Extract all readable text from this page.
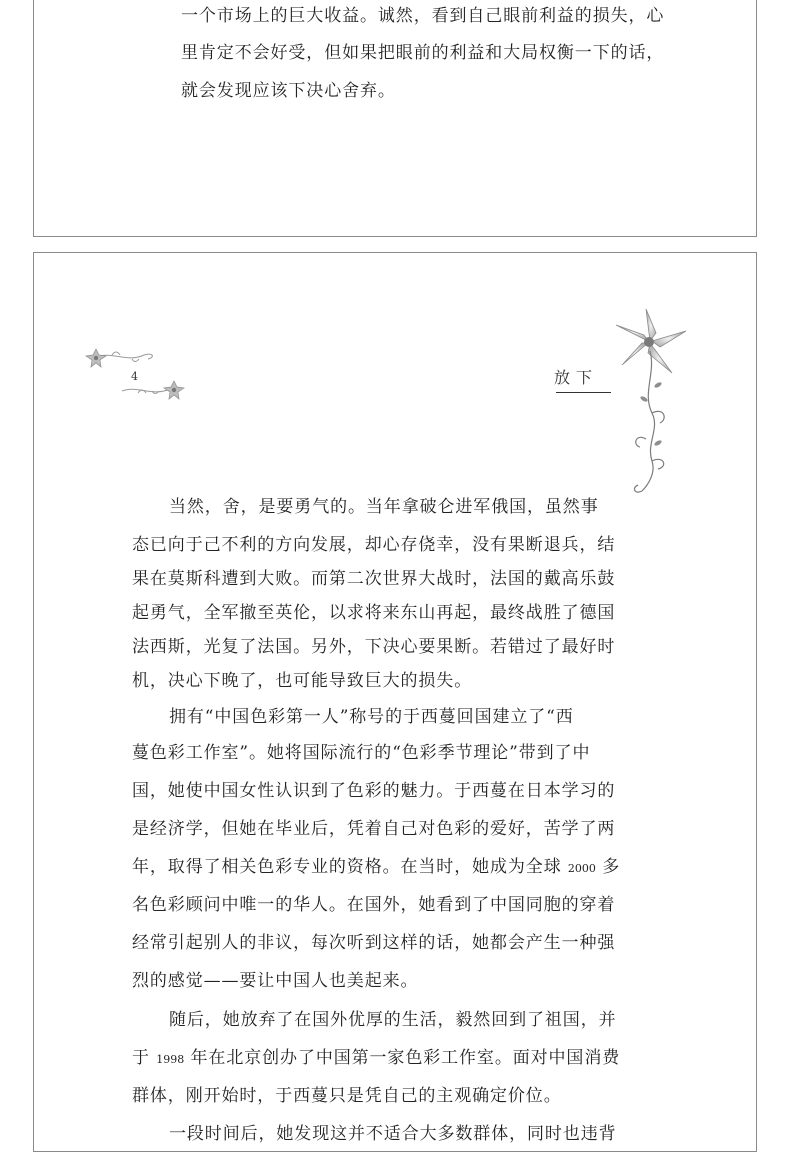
一个市场上的巨大收益。诚然，看到自己眼前利益的损失，心

里肯定不会好受，但如果把眼前的利益和大局权衡一下的话，

就会发现应该下决心舍弃。

4	放下

当然，舍，是要勇气的。当年拿破仑进军俄国，虽然事

态已向于己不利的方向发展，却心存侥幸，没有果断退兵，结

果在莫斯科遭到大败。而第二次世界大战时，法国的戴高乐鼓

起勇气，全军撤至英伦，以求将来东山再起，最终战胜了德国

法西斯，光复了法国。另外，下决心要果断。若错过了最好时

机，决心下晚了，也可能导致巨大的损失。

拥有“中国色彩第一人”称号的于西蔓回国建立了“西

蔓色彩工作室”。她将国际流行的“色彩季节理论”带到了中

国，她使中国女性认识到了色彩的魅力。于西蔓在日本学习的

是经济学，但她在毕业后，凭着自己对色彩的爱好，苦学了两

年，取得了相关色彩专业的资格。在当时，她成为全球 2000 多

名色彩顾问中唯一的华人。在国外，她看到了中国同胞的穿着

经常引起别人的非议，每次听到这样的话，她都会产生一种强

烈的感觉——要让中国人也美起来。

随后，她放弃了在国外优厚的生活，毅然回到了祖国，并

于 1998 年在北京创办了中国第一家色彩工作室。面对中国消费

群体，刚开始时，于西蔓只是凭自己的主观确定价位。

一段时间后，她发现这并不适合大多数群体，同时也违背
